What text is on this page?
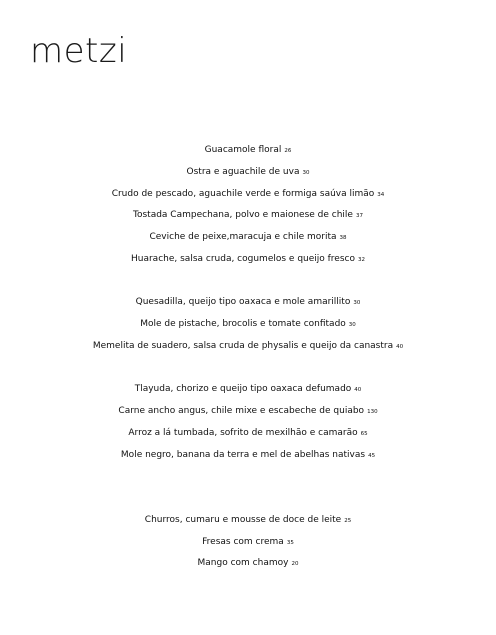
metzi
Guacamole floral 26
Ostra e aguachile de uva 30
Crudo de pescado, aguachile verde e formiga saúva limão 34
Tostada Campechana, polvo e maionese de chile 37
Ceviche de peixe,maracuja e chile morita 38
Huarache, salsa cruda, cogumelos e queijo fresco 32
Quesadilla, queijo tipo oaxaca e mole amarillito 30
Mole de pistache, brocolis e tomate confitado 30
Memelita de suadero, salsa cruda de physalis e queijo da canastra 40
Tlayuda, chorizo e queijo tipo oaxaca defumado 40
Carne ancho angus, chile mixe e escabeche de quiabo 130
Arroz a lá tumbada, sofrito de mexilhão e camarão 65
Mole negro, banana da terra e mel de abelhas nativas 45
Churros, cumaru e mousse de doce de leite 25
Fresas com crema 35
Mango com chamoy 20
